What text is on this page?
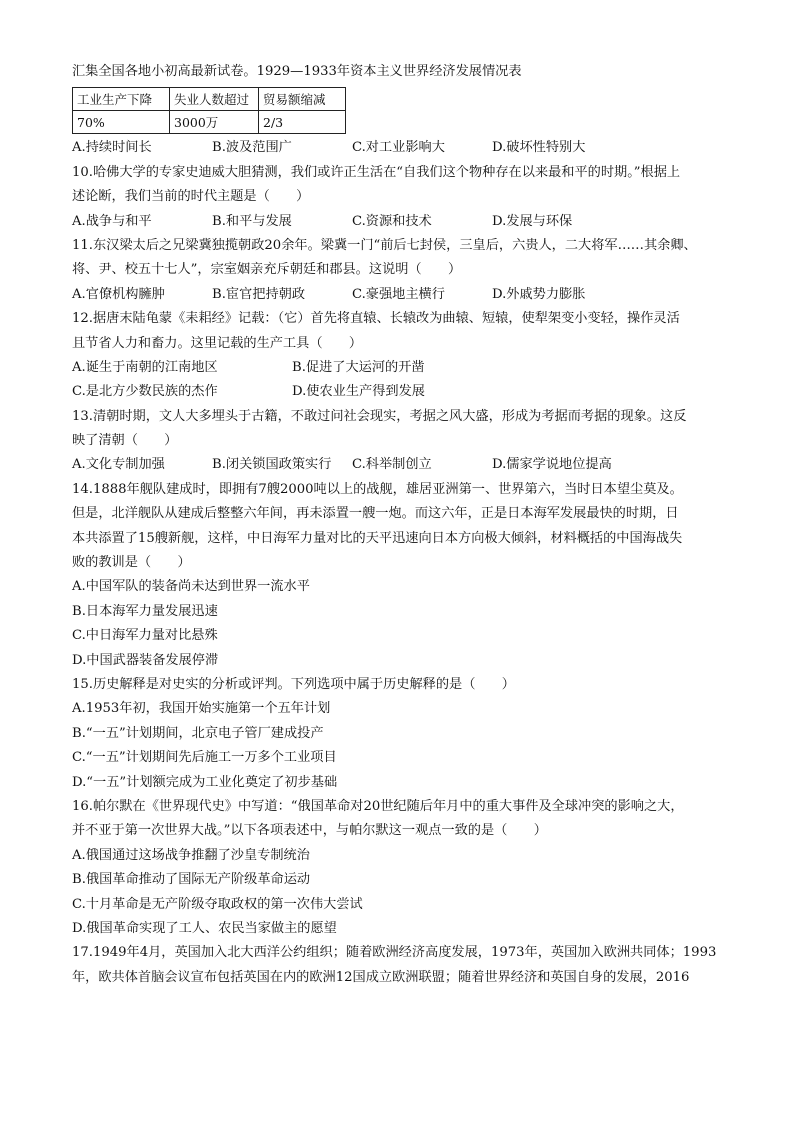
汇集全国各地小初高最新试卷。1929—1933年资本主义世界经济发展情况表
工业生产下降	失业人数超过	贸易额缩减
70%	3000万	2/3
A.持续时间长	B.波及范围广	C.对工业影响大	D.破坏性特别大
10.哈佛大学的专家史迪威大胆猜测，我们或许正生活在“自我们这个物种存在以来最和平的时期。”根据上
述论断，我们当前的时代主题是（　　）
A.战争与和平	B.和平与发展	C.资源和技术	D.发展与环保
11.东汉梁太后之兄梁冀独揽朝政20余年。梁冀一门“前后七封侯，三皇后，六贵人，二大将军……其余卿、
将、尹、校五十七人”，宗室姻亲充斥朝廷和郡县。这说明（　　）
A.官僚机构臃肿	B.宦官把持朝政	C.豪强地主横行	D.外戚势力膨胀
12.据唐末陆龟蒙《耒耜经》记载：（它）首先将直辕、长辕改为曲辕、短辕，使犁架变小变轻，操作灵活
且节省人力和畜力。这里记载的生产工具（　　）
A.诞生于南朝的江南地区	B.促进了大运河的开凿
C.是北方少数民族的杰作	D.使农业生产得到发展
13.清朝时期，文人大多埋头于古籍，不敢过问社会现实，考据之风大盛，形成为考据而考据的现象。这反
映了清朝（　　）
A.文化专制加强	B.闭关锁国政策实行	C.科举制创立	D.儒家学说地位提高
14.1888年舰队建成时，即拥有7艘2000吨以上的战舰，雄居亚洲第一、世界第六，当时日本望尘莫及。
但是，北洋舰队从建成后整整六年间，再未添置一艘一炮。而这六年，正是日本海军发展最快的时期，日
本共添置了15艘新舰，这样，中日海军力量对比的天平迅速向日本方向极大倾斜，材料概括的中国海战失
败的教训是（　　）
A.中国军队的装备尚未达到世界一流水平
B.日本海军力量发展迅速
C.中日海军力量对比悬殊
D.中国武器装备发展停滞
15.历史解释是对史实的分析或评判。下列选项中属于历史解释的是（　　）
A.1953年初，我国开始实施第一个五年计划
B.“一五”计划期间，北京电子管厂建成投产
C.“一五”计划期间先后施工一万多个工业项目
D.“一五”计划额完成为工业化奠定了初步基础
16.帕尔默在《世界现代史》中写道：“俄国革命对20世纪随后年月中的重大事件及全球冲突的影响之大，
并不亚于第一次世界大战。”以下各项表述中，与帕尔默这一观点一致的是（　　）
A.俄国通过这场战争推翻了沙皇专制统治
B.俄国革命推动了国际无产阶级革命运动
C.十月革命是无产阶级夺取政权的第一次伟大尝试
D.俄国革命实现了工人、农民当家做主的愿望
17.1949年4月，英国加入北大西洋公约组织；随着欧洲经济高度发展，1973年，英国加入欧洲共同体；1993
年，欧共体首脑会议宣布包括英国在内的欧洲12国成立欧洲联盟；随着世界经济和英国自身的发展，2016
